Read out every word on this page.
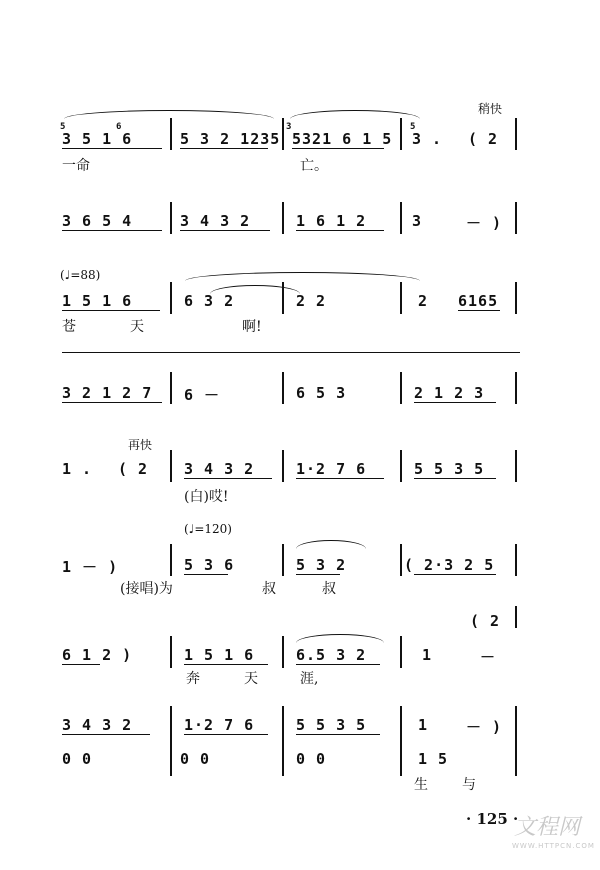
稍快
5	6	3	5
3 5 1 6	5 3 2 1235 5321 6 1 5 3 . ( 2
一命	亡。
3 6 5 4	3 4 3 2	1 6 1 2	3	－ )
(♩=88)
1 5 1 6	6 3 2	2 2	2 6165
苍	天	啊!
3 2 1 2 7 6 －	6 5 3	2 1 2 3
再快
1 . ( 2 3 4 3 2	1·2 7 6	5 5 3 5
(白)哎!
(♩=120)
1 － )	5 3 6	5 3 2	( 2·3 2 5
(接唱)为	叔	叔
( 2
6 1 2 )	1 5 1 6	6.5 3 2	1	－
奔	天	涯,
3 4 3 2	1·2 7 6	5 5 3 5	1	－ )
0 0	0 0	0 0	1 5
生 与
· 125 ·
文程网
WWW.HTTPCN.COM
